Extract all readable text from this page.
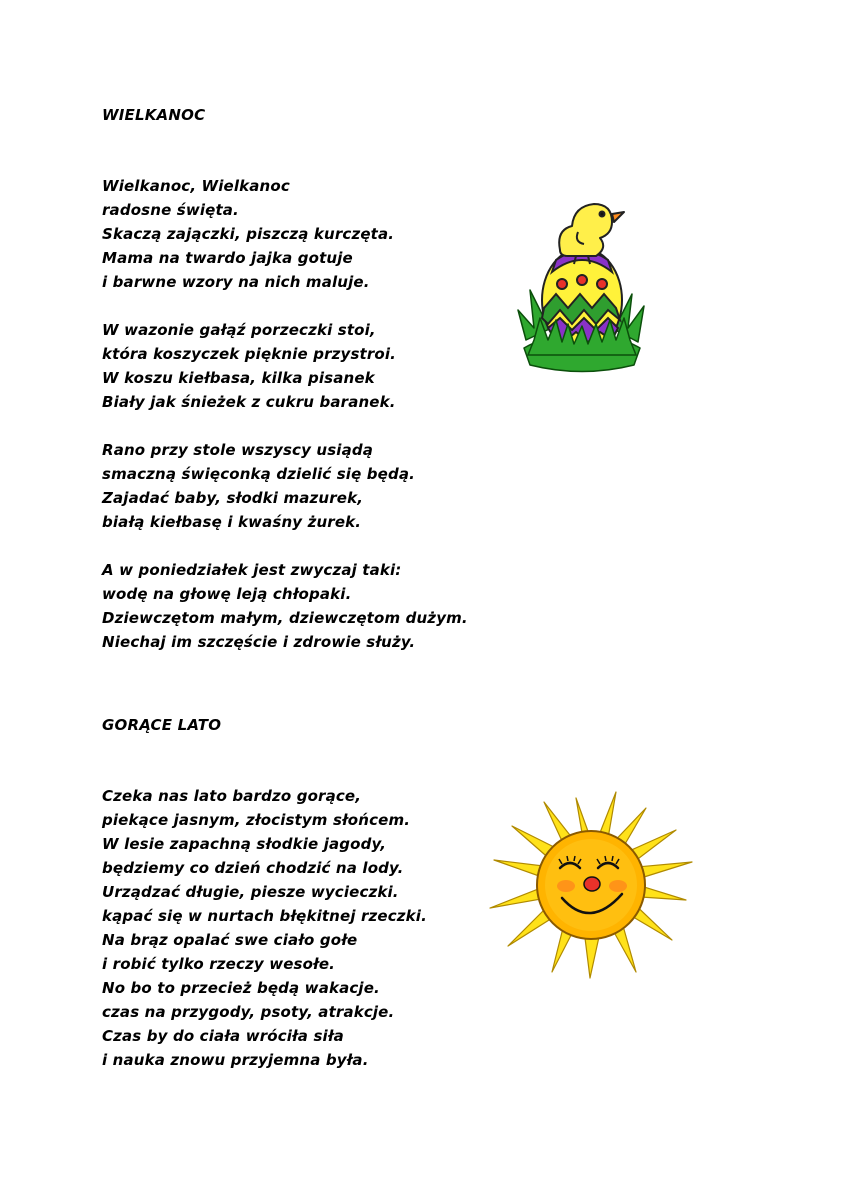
WIELKANOC
Wielkanoc, Wielkanoc
radosne święta.
Skaczą zajączki, piszczą kurczęta.
Mama na twardo jajka gotuje
i barwne wzory na nich maluje.
W wazonie gałąź porzeczki stoi,
która koszyczek pięknie przystroi.
W koszu kiełbasa, kilka pisanek
Biały jak śnieżek z cukru baranek.
Rano przy stole wszyscy usiądą
smaczną święconką dzielić się będą.
Zajadać baby, słodki mazurek,
białą kiełbasę i kwaśny żurek.
A w poniedziałek jest zwyczaj taki:
wodę na głowę leją chłopaki.
Dziewczętom małym, dziewczętom dużym.
Niechaj im szczęście i zdrowie służy.
GORĄCE LATO
Czeka nas lato bardzo gorące,
piekące jasnym, złocistym słońcem.
W lesie zapachną słodkie jagody,
będziemy co dzień chodzić na lody.
Urządzać długie, piesze wycieczki.
kąpać się w nurtach błękitnej rzeczki.
Na brąz opalać swe ciało gołe
i robić tylko rzeczy wesołe.
No bo to przecież będą wakacje.
czas na przygody, psoty, atrakcje.
Czas by do ciała wróciła siła
i nauka znowu przyjemna była.
